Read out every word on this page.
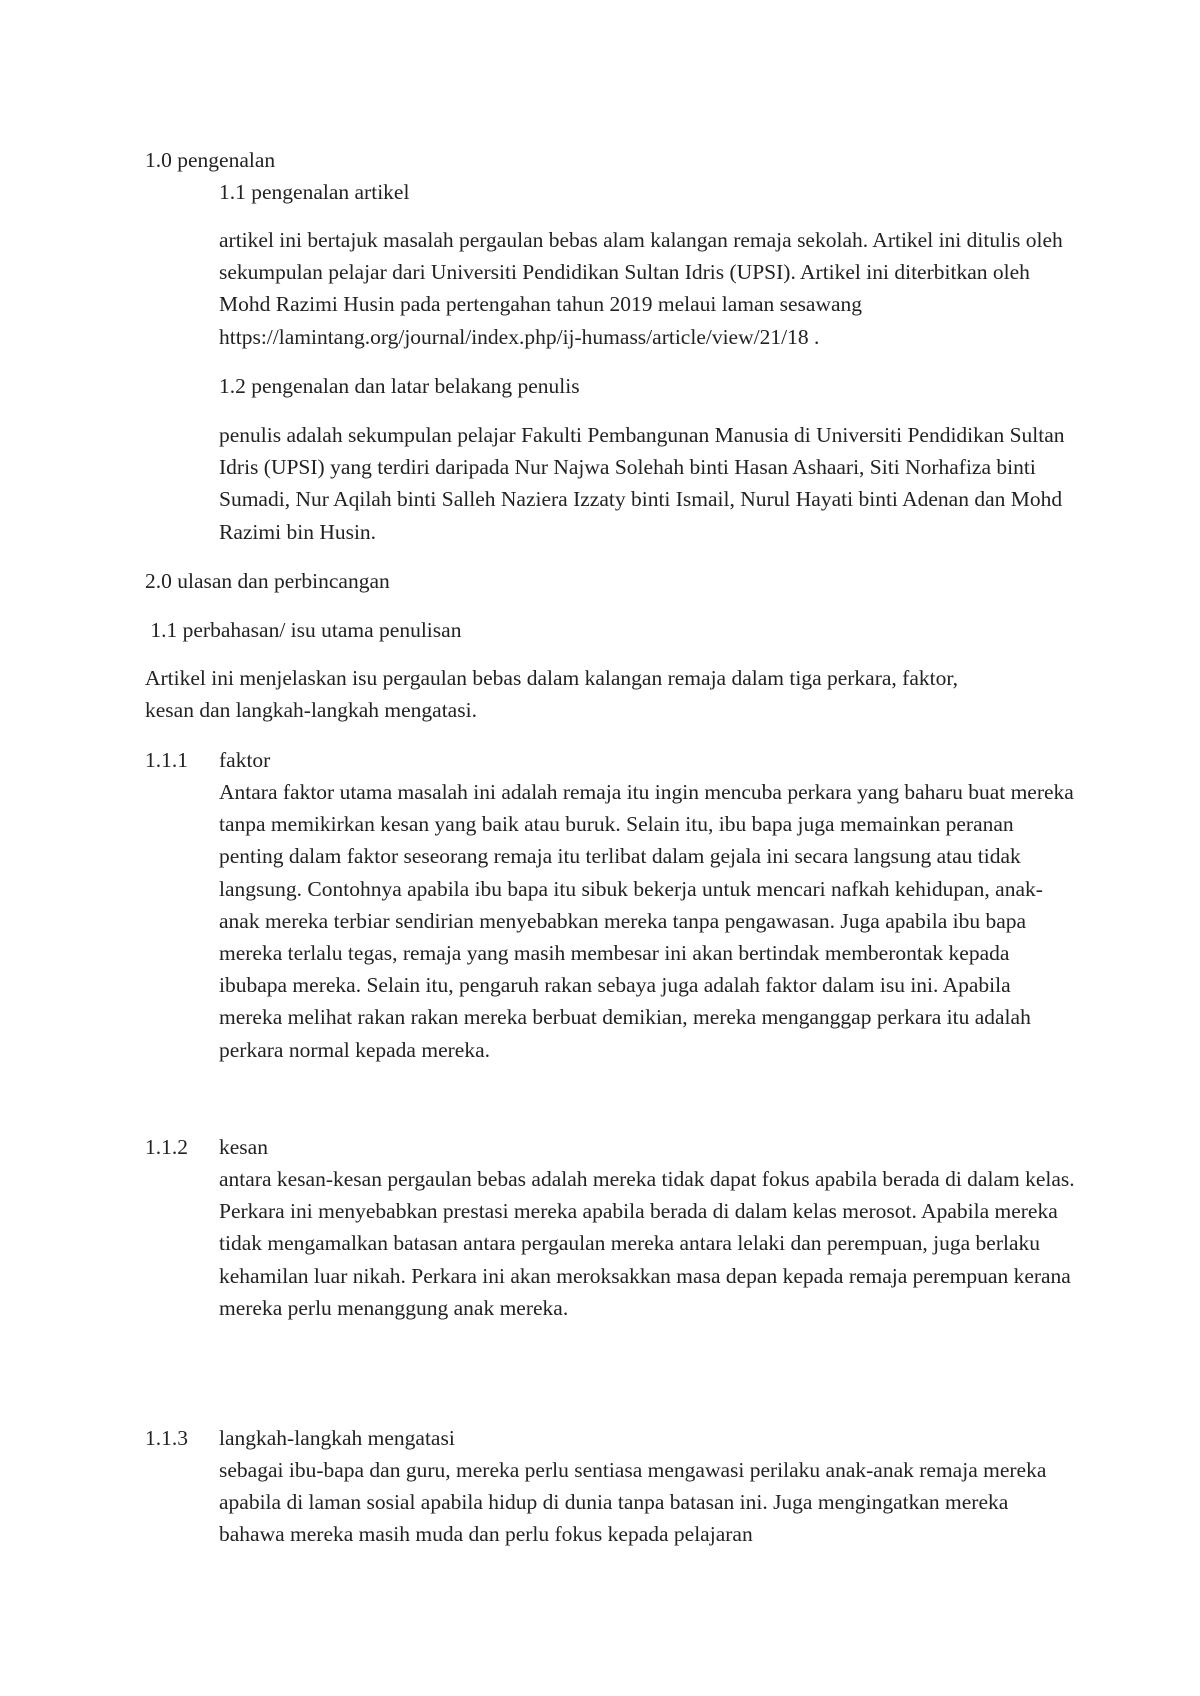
1.0 pengenalan

1.1 pengenalan artikel

artikel ini bertajuk masalah pergaulan bebas alam kalangan remaja sekolah. Artikel ini ditulis oleh sekumpulan pelajar dari Universiti Pendidikan Sultan Idris (UPSI). Artikel ini diterbitkan oleh Mohd Razimi Husin pada pertengahan tahun 2019 melaui laman sesawang https://lamintang.org/journal/index.php/ij-humass/article/view/21/18 .

1.2 pengenalan dan latar belakang penulis

penulis adalah sekumpulan pelajar Fakulti Pembangunan Manusia di Universiti Pendidikan Sultan Idris (UPSI) yang terdiri daripada Nur Najwa Solehah binti Hasan Ashaari, Siti Norhafiza binti Sumadi, Nur Aqilah binti Salleh Naziera Izzaty binti Ismail, Nurul Hayati binti Adenan dan Mohd Razimi bin Husin.

2.0 ulasan dan perbincangan

1.1 perbahasan/ isu utama penulisan

Artikel ini menjelaskan isu pergaulan bebas dalam kalangan remaja dalam tiga perkara, faktor, kesan dan langkah-langkah mengatasi.

1.1.1 faktor

Antara faktor utama masalah ini adalah remaja itu ingin mencuba perkara yang baharu buat mereka tanpa memikirkan kesan yang baik atau buruk. Selain itu, ibu bapa juga memainkan peranan penting dalam faktor seseorang remaja itu terlibat dalam gejala ini secara langsung atau tidak langsung. Contohnya apabila ibu bapa itu sibuk bekerja untuk mencari nafkah kehidupan, anak-anak mereka terbiar sendirian menyebabkan mereka tanpa pengawasan. Juga apabila ibu bapa mereka terlalu tegas, remaja yang masih membesar ini akan bertindak memberontak kepada ibubapa mereka. Selain itu, pengaruh rakan sebaya juga adalah faktor dalam isu ini. Apabila mereka melihat rakan rakan mereka berbuat demikian, mereka menganggap perkara itu adalah perkara normal kepada mereka.

1.1.2 kesan

antara kesan-kesan pergaulan bebas adalah mereka tidak dapat fokus apabila berada di dalam kelas. Perkara ini menyebabkan prestasi mereka apabila berada di dalam kelas merosot. Apabila mereka tidak mengamalkan batasan antara pergaulan mereka antara lelaki dan perempuan, juga berlaku kehamilan luar nikah. Perkara ini akan meroksakkan masa depan kepada remaja perempuan kerana mereka perlu menanggung anak mereka.

1.1.3 langkah-langkah mengatasi

sebagai ibu-bapa dan guru, mereka perlu sentiasa mengawasi perilaku anak-anak remaja mereka apabila di laman sosial apabila hidup di dunia tanpa batasan ini. Juga mengingatkan mereka bahawa mereka masih muda dan perlu fokus kepada pelajaran
